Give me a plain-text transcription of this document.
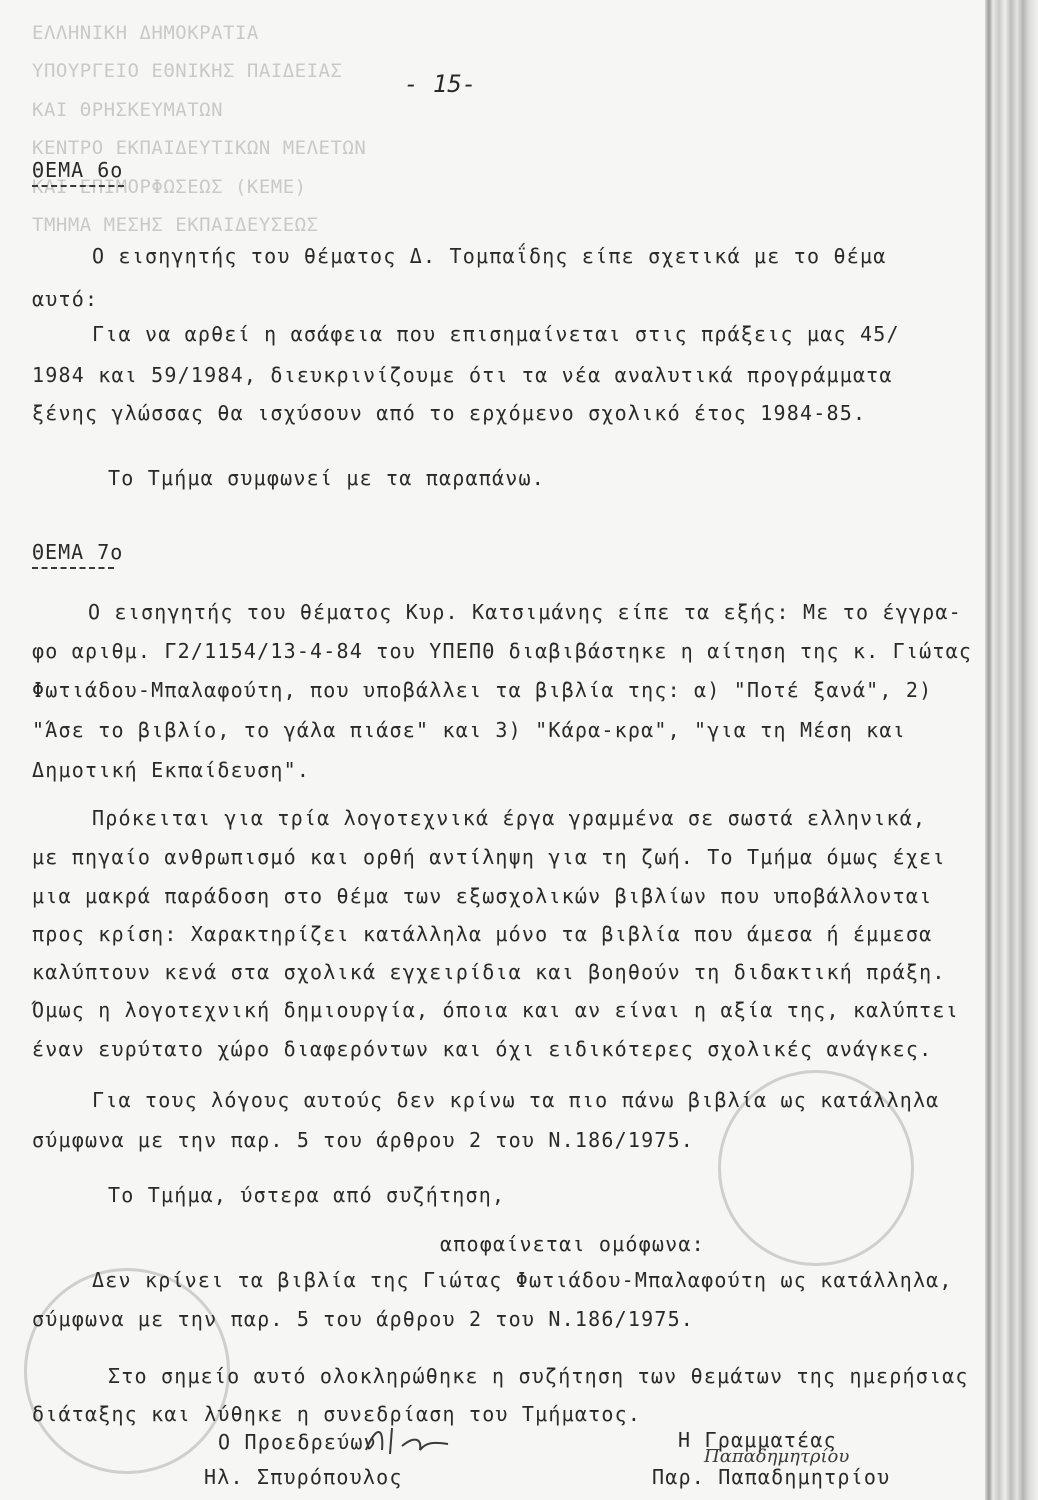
ΕΛΛΗΝΙΚΗ ΔΗΜΟΚΡΑΤΙΑ
ΥΠΟΥΡΓΕΙΟ ΕΘΝΙΚΗΣ ΠΑΙΔΕΙΑΣ
ΚΑΙ ΘΡΗΣΚΕΥΜΑΤΩΝ
ΚΕΝΤΡΟ ΕΚΠΑΙΔΕΥΤΙΚΩΝ ΜΕΛΕΤΩΝ
ΚΑΙ ΕΠΙΜΟΡΦΩΣΕΩΣ (ΚΕΜΕ)
ΤΜΗΜΑ ΜΕΣΗΣ ΕΚΠΑΙΔΕΥΣΕΩΣ
- 15-
ΘΕΜΑ 6ο
Ο εισηγητής του θέματος Δ. Τομπαΐδης είπε σχετικά με το θέμα
αυτό:
Για να αρθεί η ασάφεια που επισημαίνεται στις πράξεις μας 45/
1984 και 59/1984, διευκρινίζουμε ότι τα νέα αναλυτικά προγράμματα
ξένης γλώσσας θα ισχύσουν από το ερχόμενο σχολικό έτος 1984-85.
Το Τμήμα συμφωνεί με τα παραπάνω.
ΘΕΜΑ 7ο
Ο εισηγητής του θέματος Κυρ. Κατσιμάνης είπε τα εξής: Με το έγγρα-
φο αριθμ. Γ2/1154/13-4-84 του ΥΠΕΠΘ διαβιβάστηκε η αίτηση της κ. Γιώτας
Φωτιάδου-Μπαλαφούτη, που υποβάλλει τα βιβλία της: α) "Ποτέ ξανά", 2)
"Άσε το βιβλίο, το γάλα πιάσε" και 3) "Κάρα-κρα", "για τη Μέση και
Δημοτική Εκπαίδευση".
Πρόκειται για τρία λογοτεχνικά έργα γραμμένα σε σωστά ελληνικά,
με πηγαίο ανθρωπισμό και ορθή αντίληψη για τη ζωή. Το Τμήμα όμως έχει
μια μακρά παράδοση στο θέμα των εξωσχολικών βιβλίων που υποβάλλονται
προς κρίση: Χαρακτηρίζει κατάλληλα μόνο τα βιβλία που άμεσα ή έμμεσα
καλύπτουν κενά στα σχολικά εγχειρίδια και βοηθούν τη διδακτική πράξη.
Όμως η λογοτεχνική δημιουργία, όποια και αν είναι η αξία της, καλύπτει
έναν ευρύτατο χώρο διαφερόντων και όχι ειδικότερες σχολικές ανάγκες.
Για τους λόγους αυτούς δεν κρίνω τα πιο πάνω βιβλία ως κατάλληλα
σύμφωνα με την παρ. 5 του άρθρου 2 του Ν.186/1975.
Το Τμήμα, ύστερα από συζήτηση,
αποφαίνεται ομόφωνα:
Δεν κρίνει τα βιβλία της Γιώτας Φωτιάδου-Μπαλαφούτη ως κατάλληλα,
σύμφωνα με την παρ. 5 του άρθρου 2 του Ν.186/1975.
Στο σημείο αυτό ολοκληρώθηκε η συζήτηση των θεμάτων της ημερήσιας
διάταξης και λύθηκε η συνεδρίαση του Τμήματος.
Ο Προεδρεύων
Ηλ. Σπυρόπουλος
Η Γραμματέας
Παπαδημητρίου
Παρ. Παπαδημητρίου
